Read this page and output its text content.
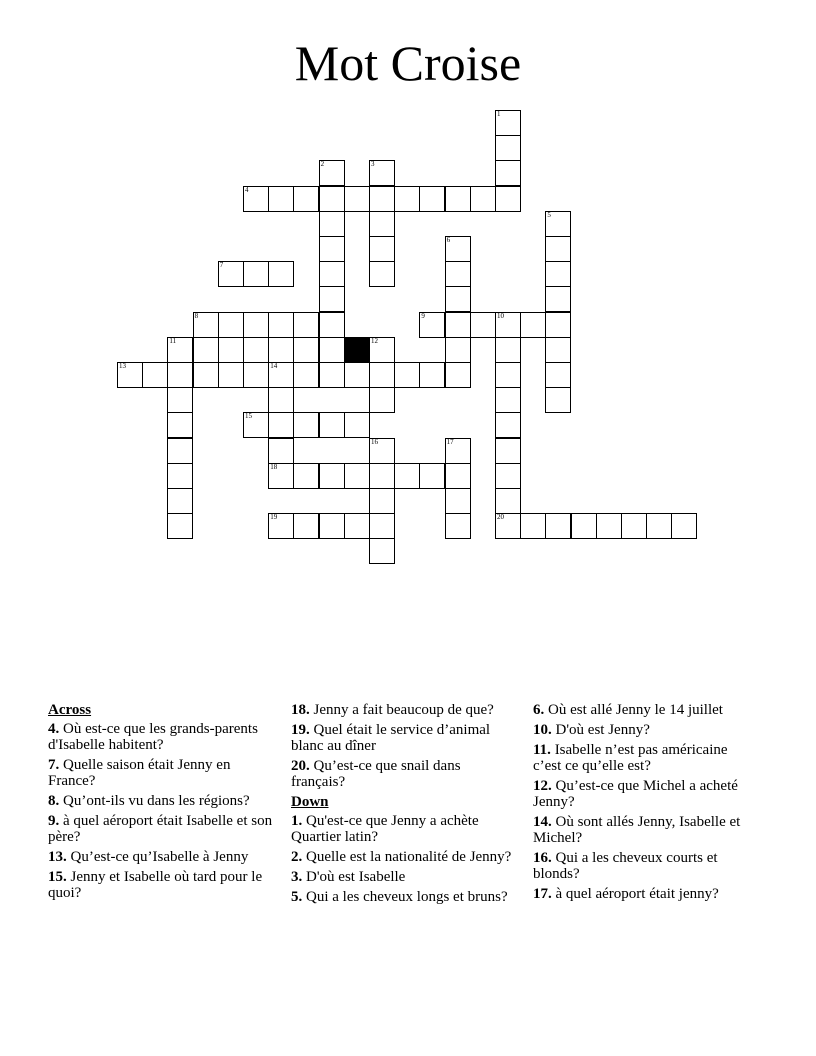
Mot Croise
1
2	3
4
5
6
7
8	9	10
11	12
13	14
15
16	17
18
19	20
Across
4. Où est-ce que les grands-parents d'Isabelle habitent?
7. Quelle saison était Jenny en France?
8. Qu’ont-ils vu dans les régions?
9. à quel aéroport était Isabelle et son père?
13. Qu’est-ce qu’Isabelle à Jenny
15. Jenny et Isabelle où tard pour le quoi?
18. Jenny a fait beaucoup de que?
19. Quel était le service d’animal blanc au dîner
20. Qu’est-ce que snail dans français?
Down
1. Qu'est-ce que Jenny a achète Quartier latin?
2. Quelle est la nationalité de Jenny?
3. D'où est Isabelle
5. Qui a les cheveux longs et bruns?
6. Où est allé Jenny le 14 juillet
10. D'où est Jenny?
11. Isabelle n’est pas américaine c’est ce qu’elle est?
12. Qu’est-ce que Michel a acheté Jenny?
14. Où sont allés Jenny, Isabelle et Michel?
16. Qui a les cheveux courts et blonds?
17. à quel aéroport était jenny?
